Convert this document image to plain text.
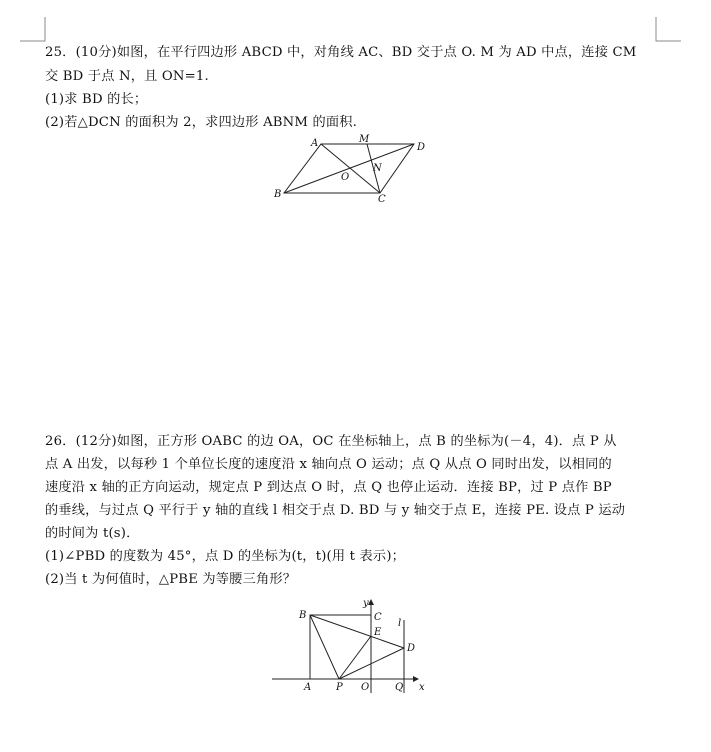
25．(10分)如图，在平行四边形 ABCD 中，对角线 AC、BD 交于点 O. M 为 AD 中点，连接 CM
交 BD 于点 N，且 ON=1.
(1)求 BD 的长；
(2)若△DCN 的面积为 2，求四边形 ABNM 的面积.
A	M
D
O
N
B	C
26．(12分)如图，正方形 OABC 的边 OA，OC 在坐标轴上，点 B 的坐标为(－4，4)．点 P 从
点 A 出发，以每秒 1 个单位长度的速度沿 x 轴向点 O 运动；点 Q 从点 O 同时出发，以相同的
速度沿 x 轴的正方向运动，规定点 P 到达点 O 时，点 Q 也停止运动．连接 BP，过 P 点作 BP
的垂线，与过点 Q 平行于 y 轴的直线 l 相交于点 D. BD 与 y 轴交于点 E，连接 PE. 设点 P 运动
的时间为 t(s)．
(1)∠PBD 的度数为 45°，点 D 的坐标为(t，t)(用 t 表示)；
(2)当 t 为何值时，△PBE 为等腰三角形？
B	C
E
D
A P O	Q x
y
l
